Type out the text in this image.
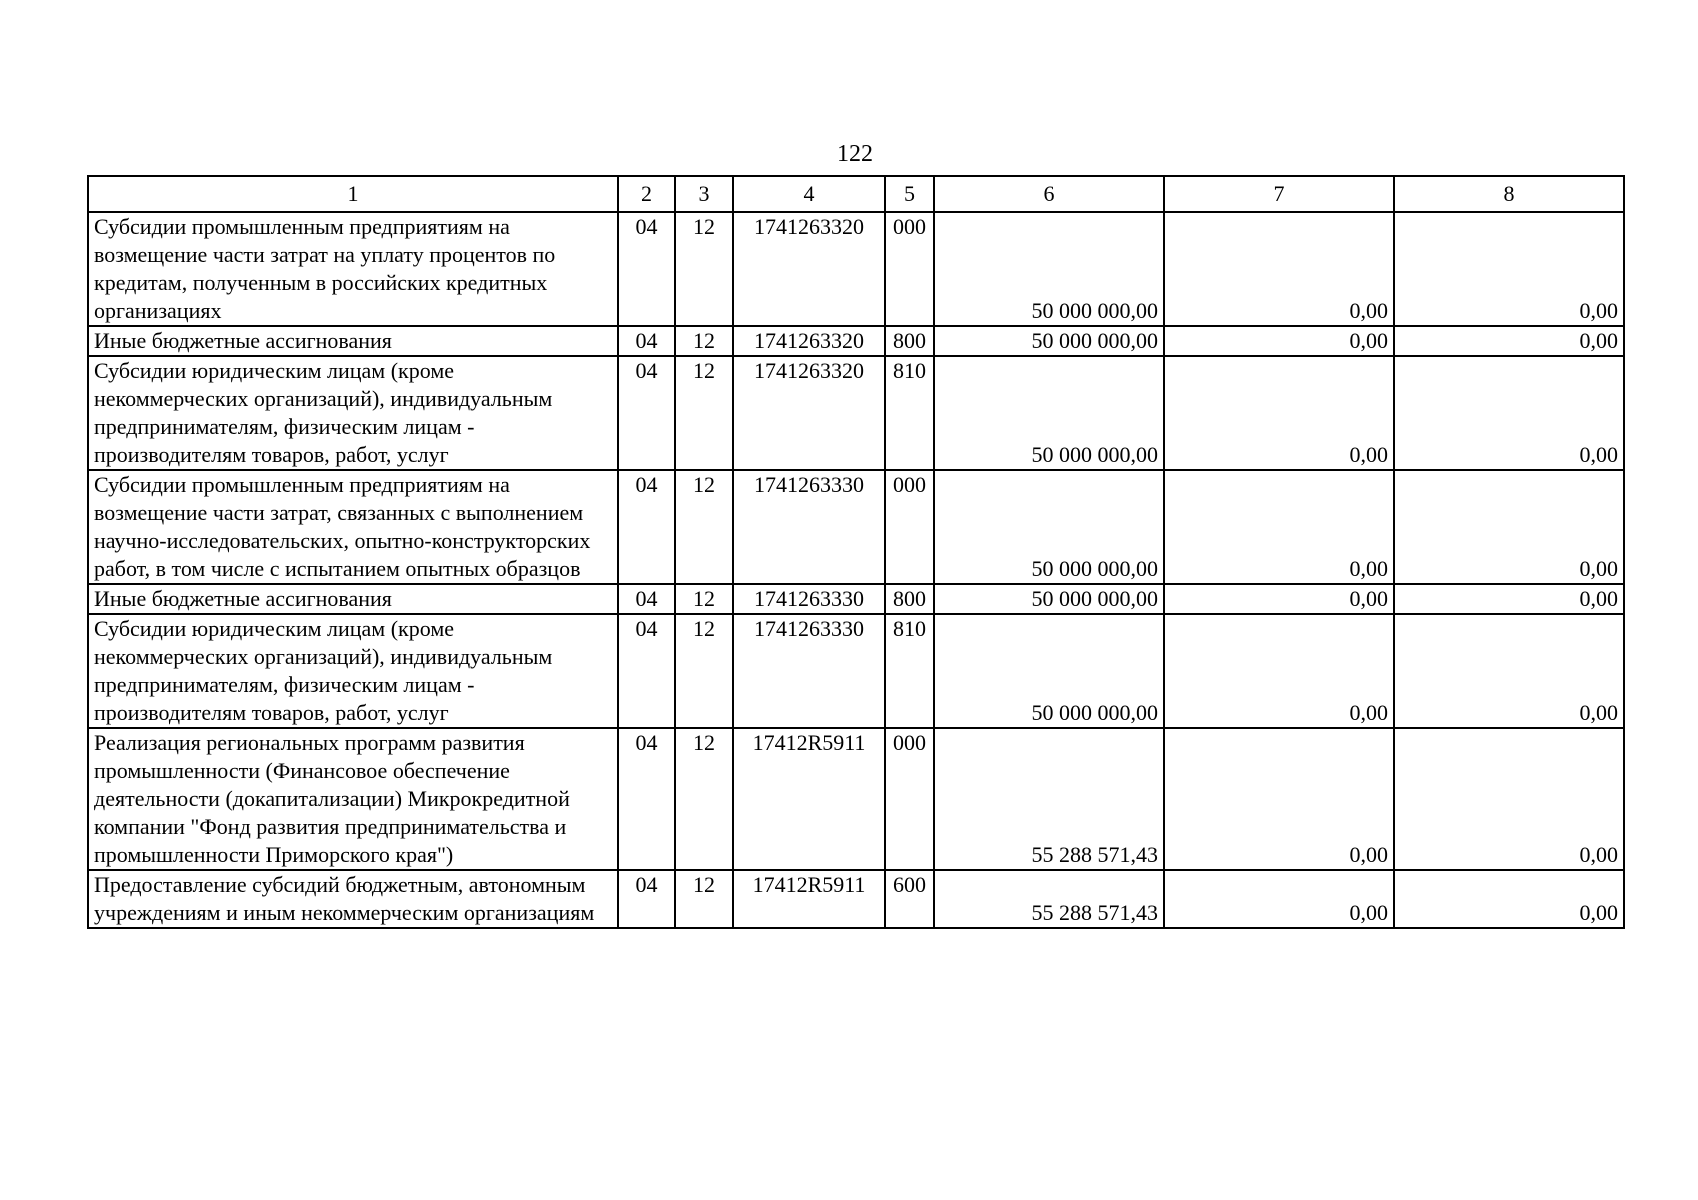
122
1	2	3	4	5	6	7	8
Субсидии промышленным предприятиям на возмещение части затрат на уплату процентов по кредитам, полученным в российских кредитных организациях	04	12	1741263320	000	50 000 000,00	0,00	0,00
Иные бюджетные ассигнования	04	12	1741263320	800	50 000 000,00	0,00	0,00
Субсидии юридическим лицам (кроме некоммерческих организаций), индивидуальным предпринимателям, физическим лицам - производителям товаров, работ, услуг	04	12	1741263320	810	50 000 000,00	0,00	0,00
Субсидии промышленным предприятиям на возмещение части затрат, связанных с выполнением научно-исследовательских, опытно-конструкторских работ, в том числе с испытанием опытных образцов	04	12	1741263330	000	50 000 000,00	0,00	0,00
Иные бюджетные ассигнования	04	12	1741263330	800	50 000 000,00	0,00	0,00
Субсидии юридическим лицам (кроме некоммерческих организаций), индивидуальным предпринимателям, физическим лицам - производителям товаров, работ, услуг	04	12	1741263330	810	50 000 000,00	0,00	0,00
Реализация региональных программ развития промышленности (Финансовое обеспечение деятельности (докапитализации) Микрокредитной компании "Фонд развития предпринимательства и промышленности Приморского края")	04	12	17412R5911	000	55 288 571,43	0,00	0,00
Предоставление субсидий бюджетным, автономным учреждениям и иным некоммерческим организациям	04	12	17412R5911	600	55 288 571,43	0,00	0,00
